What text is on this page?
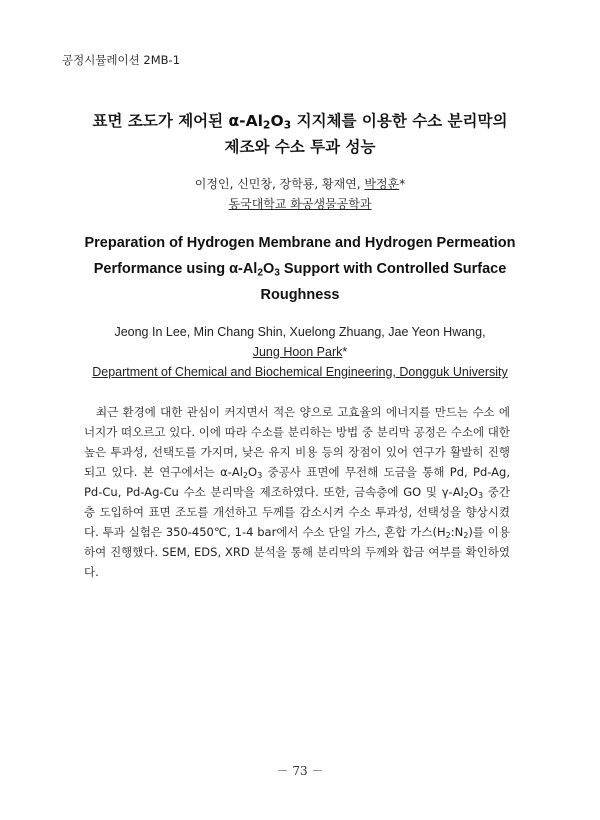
공정시뮬레이션 2MB-1
표면 조도가 제어된 $\alpha-Al_2O_3$ 지지체를 이용한 수소 분리막의
제조와 수소 투과 성능
이정인, 신민창, 장학룡, 황재연, 박정훈*
동국대학교 화공생물공학과
Preparation of Hydrogen Membrane and Hydrogen Permeation
Performance using $\alpha-Al_2O_3$ Support with Controlled Surface
Roughness
Jeong In Lee, Min Chang Shin, Xuelong Zhuang, Jae Yeon Hwang,
Jung Hoon Park*
Department of Chemical and Biochemical Engineering, Dongguk University

최근 환경에 대한 관심이 커지면서 적은 양으로 고효율의 에너지를 만드는 수소 에너지가 떠오르고 있다. 이에 따라 수소를 분리하는 방법 중 분리막 공정은 수소에 대한 높은 투과성, 선택도를 가지며, 낮은 유지 비용 등의 장점이 있어 연구가 활발히 진행되고 있다. 본 연구에서는 $\alpha-Al_2O_3$ 중공사 표면에 무전해 도금을 통해 Pd, Pd-Ag, Pd-Cu, Pd-Ag-Cu 수소 분리막을 제조하였다. 또한, 금속층에 GO 및 $\gamma-Al_2O_3$ 중간층 도입하여 표면 조도를 개선하고 두께를 감소시켜 수소 투과성, 선택성을 향상시켰다. 투과 실험은 350-450℃, 1-4 bar에서 수소 단일 가스, 혼합 가스$(H_2:N_2)$를 이용하여 진행했다. SEM, EDS, XRD 분석을 통해 분리막의 두께와 합금 여부를 확인하였다.

－ 73 －
